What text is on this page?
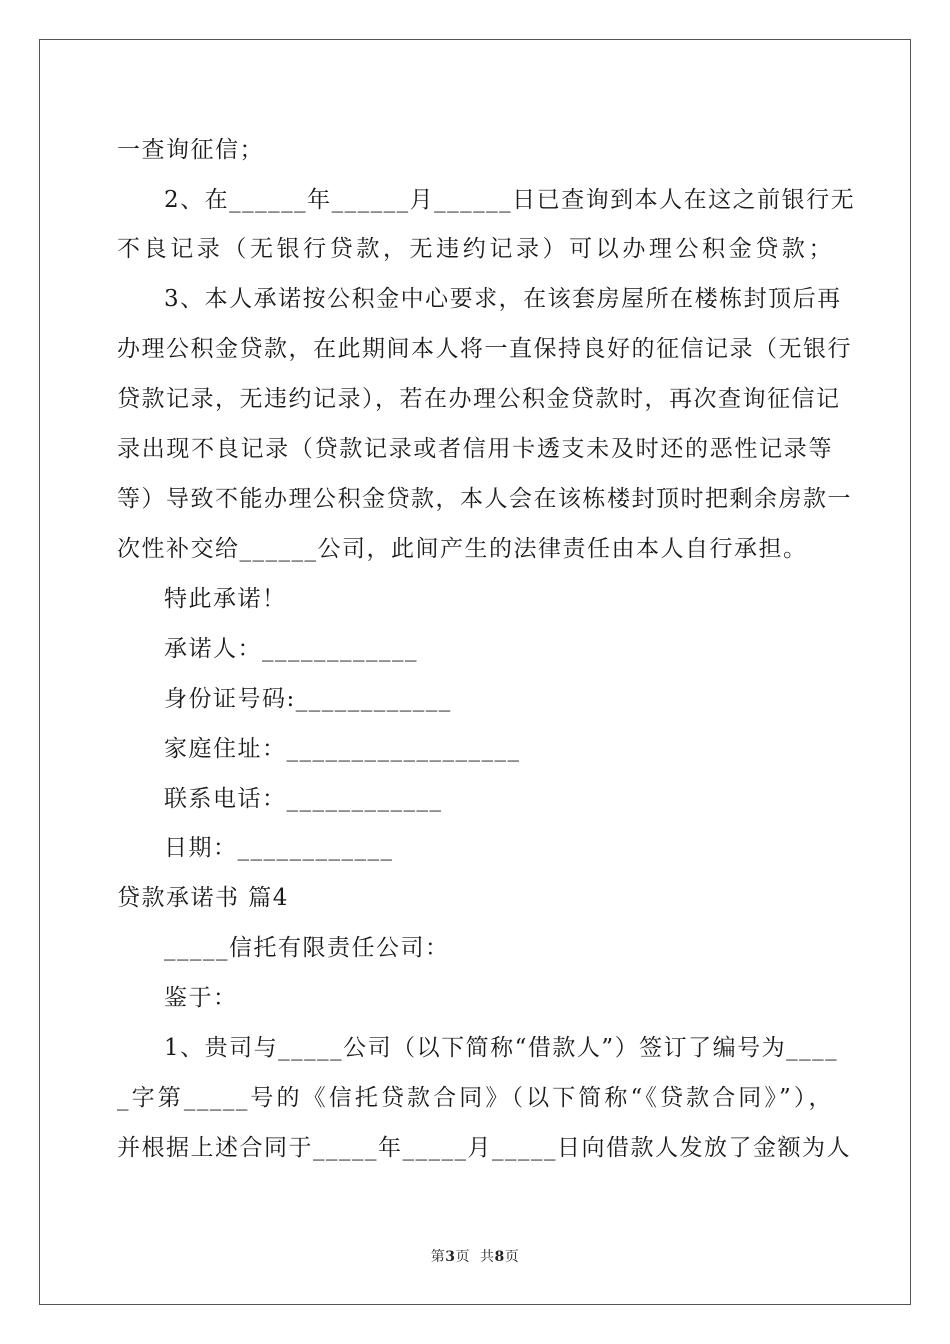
一查询征信；
2、在______年______月______日已查询到本人在这之前银行无
不良记录（无银行贷款，无违约记录）可以办理公积金贷款；
3、本人承诺按公积金中心要求，在该套房屋所在楼栋封顶后再
办理公积金贷款，在此期间本人将一直保持良好的征信记录（无银行
贷款记录，无违约记录），若在办理公积金贷款时，再次查询征信记
录出现不良记录（贷款记录或者信用卡透支未及时还的恶性记录等
等）导致不能办理公积金贷款，本人会在该栋楼封顶时把剩余房款一
次性补交给______公司，此间产生的法律责任由本人自行承担。
特此承诺！
承诺人：____________
身份证号码:____________
家庭住址：__________________
联系电话：____________
日期：____________
贷款承诺书 篇4
_____信托有限责任公司：
鉴于：
1、贵司与_____公司（以下简称“借款人”）签订了编号为____
_字第_____号的《信托贷款合同》（以下简称“《贷款合同》”），
并根据上述合同于_____年_____月_____日向借款人发放了金额为人
第3页  共8页
